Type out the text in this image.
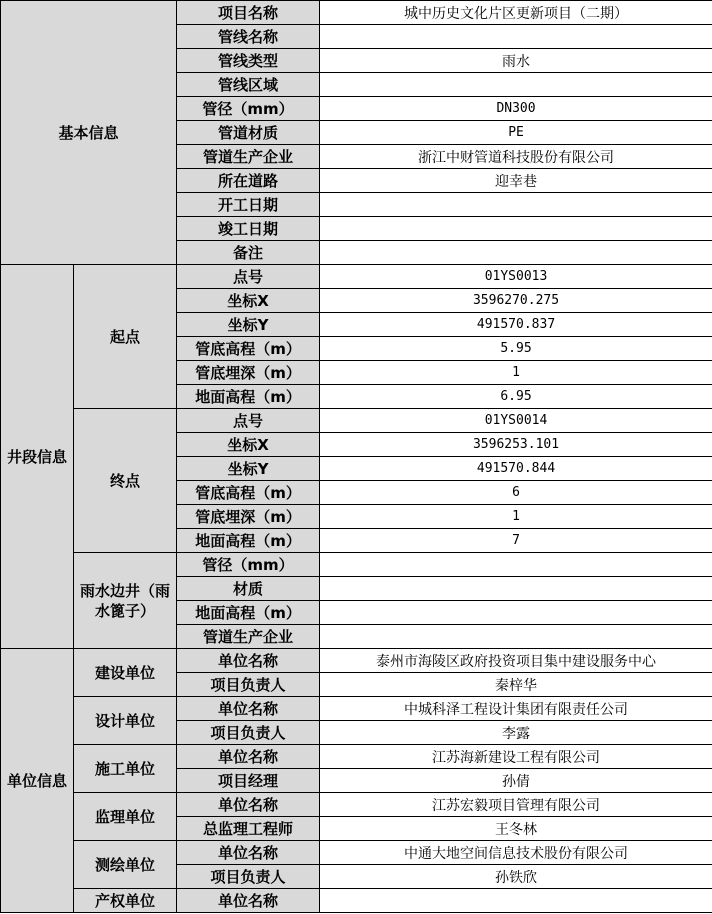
基本信息		项目名称	城中历史文化片区更新项目（二期）
		管线名称	
		管线类型	雨水
		管线区域	
		管径（mm）	DN300
		管道材质	PE
		管道生产企业	浙江中财管道科技股份有限公司
		所在道路	迎幸巷
		开工日期	
		竣工日期	
		备注	
井段信息	起点	点号	01YS0013
		坐标X	3596270.275
		坐标Y	491570.837
		管底高程（m）	5.95
		管底埋深（m）	1
		地面高程（m）	6.95
	终点	点号	01YS0014
		坐标X	3596253.101
		坐标Y	491570.844
		管底高程（m）	6
		管底埋深（m）	1
		地面高程（m）	7
	雨水边井（雨水篦子）	管径（mm）	
		材质	
		地面高程（m）	
		管道生产企业	
单位信息	建设单位	单位名称	泰州市海陵区政府投资项目集中建设服务中心
		项目负责人	秦梓华
	设计单位	单位名称	中城科泽工程设计集团有限责任公司
		项目负责人	李露
	施工单位	单位名称	江苏海新建设工程有限公司
		项目经理	孙倩
	监理单位	单位名称	江苏宏毅项目管理有限公司
		总监理工程师	王冬林
	测绘单位	单位名称	中通大地空间信息技术股份有限公司
		项目负责人	孙铁欣
	产权单位	单位名称	
